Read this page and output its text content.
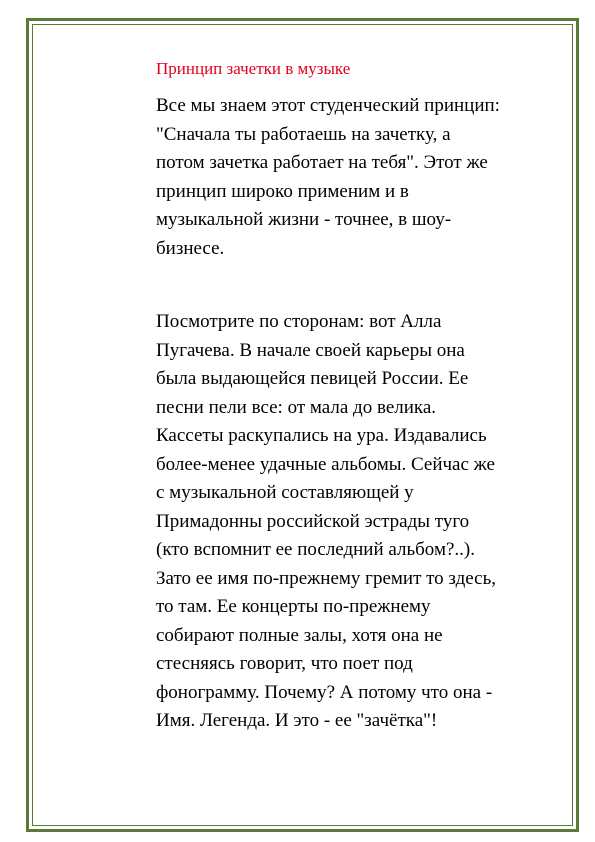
Принцип зачетки в музыке

Все мы знаем этот студенческий принцип: "Сначала ты работаешь на зачетку, а потом зачетка работает на тебя". Этот же принцип широко применим и в музыкальной жизни - точнее, в шоу-бизнесе.

Посмотрите по сторонам: вот Алла Пугачева. В начале своей карьеры она была выдающейся певицей России. Ее песни пели все: от мала до велика. Кассеты раскупались на ура. Издавались более-менее удачные альбомы. Сейчас же с музыкальной составляющей у Примадонны российской эстрады туго (кто вспомнит ее последний альбом?..). Зато ее имя по-прежнему гремит то здесь, то там. Ее концерты по-прежнему собирают полные залы, хотя она не стесняясь говорит, что поет под фонограмму. Почему? А потому что она - Имя. Легенда. И это - ее "зачётка"!
